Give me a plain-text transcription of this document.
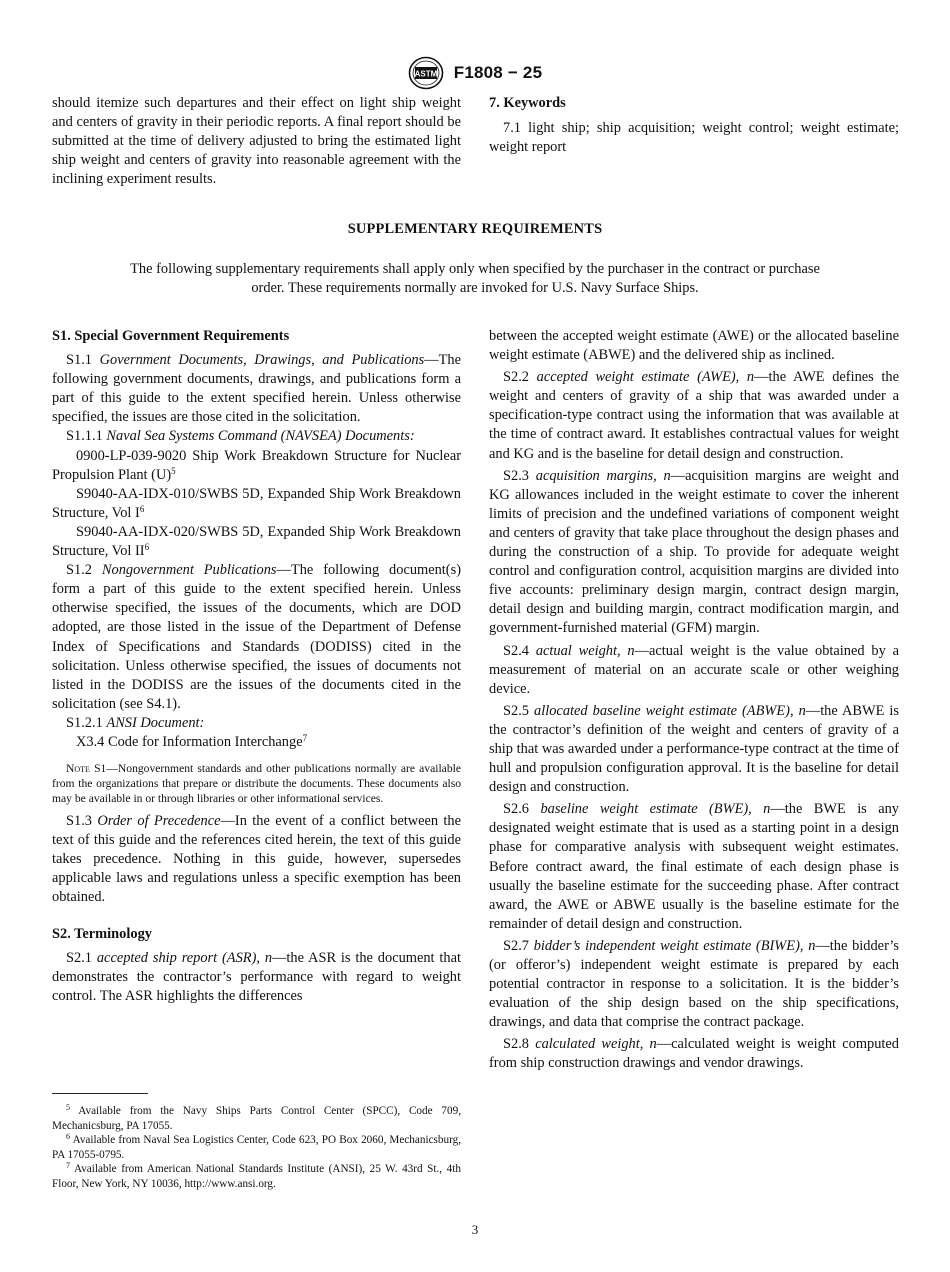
ASTM F1808 − 25

should itemize such departures and their effect on light ship weight and centers of gravity in their periodic reports. A final report should be submitted at the time of delivery adjusted to bring the estimated light ship weight and centers of gravity into reasonable agreement with the inclining experiment results.

7. Keywords

7.1 light ship; ship acquisition; weight control; weight estimate; weight report

SUPPLEMENTARY REQUIREMENTS
The following supplementary requirements shall apply only when specified by the purchaser in the contract or purchase order. These requirements normally are invoked for U.S. Navy Surface Ships.

S1. Special Government Requirements

S1.1 Government Documents, Drawings, and Publications—The following government documents, drawings, and publications form a part of this guide to the extent specified herein. Unless otherwise specified, the issues are those cited in the solicitation.

S1.1.1 Naval Sea Systems Command (NAVSEA) Documents:

0900-LP-039-9020 Ship Work Breakdown Structure for Nuclear Propulsion Plant $(U)^5$

S9040-AA-IDX-010/SWBS 5D, Expanded Ship Work Breakdown Structure, Vol $I^6$

S9040-AA-IDX-020/SWBS 5D, Expanded Ship Work Breakdown Structure, Vol $II^6$

S1.2 Nongovernment Publications—The following document(s) form a part of this guide to the extent specified herein. Unless otherwise specified, the issues of the documents, which are DOD adopted, are those listed in the issue of the Department of Defense Index of Specifications and Standards (DODISS) cited in the solicitation. Unless otherwise specified, the issues of documents not listed in the DODISS are the issues of the documents cited in the solicitation (see S4.1).

S1.2.1 ANSI Document:

X3.4 Code for Information Interchange$^7$

Note S1—Nongovernment standards and other publications normally are available from the organizations that prepare or distribute the documents. These documents also may be available in or through libraries or other informational services.

S1.3 Order of Precedence—In the event of a conflict between the text of this guide and the references cited herein, the text of this guide takes precedence. Nothing in this guide, however, supersedes applicable laws and regulations unless a specific exemption has been obtained.

S2. Terminology

S2.1 accepted ship report (ASR), n—the ASR is the document that demonstrates the contractor’s performance with regard to weight control. The ASR highlights the differences

$^5$ Available from the Navy Ships Parts Control Center (SPCC), Code 709, Mechanicsburg, PA 17055.

$^6$ Available from Naval Sea Logistics Center, Code 623, PO Box 2060, Mechanicsburg, PA 17055-0795.

$^7$ Available from American National Standards Institute (ANSI), 25 W. 43rd St., 4th Floor, New York, NY 10036, http://www.ansi.org.

between the accepted weight estimate (AWE) or the allocated baseline weight estimate (ABWE) and the delivered ship as inclined.

S2.2 accepted weight estimate (AWE), n—the AWE defines the weight and centers of gravity of a ship that was awarded under a specification-type contract using the information that was available at the time of contract award. It establishes contractual values for weight and KG and is the baseline for detail design and construction.

S2.3 acquisition margins, n—acquisition margins are weight and KG allowances included in the weight estimate to cover the inherent limits of precision and the undefined variations of component weight and centers of gravity that take place throughout the design phases and during the construction of a ship. To provide for adequate weight control and configuration control, acquisition margins are divided into five accounts: preliminary design margin, contract design margin, detail design and building margin, contract modification margin, and government-furnished material (GFM) margin.

S2.4 actual weight, n—actual weight is the value obtained by a measurement of material on an accurate scale or other weighing device.

S2.5 allocated baseline weight estimate (ABWE), n—the ABWE is the contractor’s definition of the weight and centers of gravity of a ship that was awarded under a performance-type contract at the time of hull and propulsion configuration approval. It is the baseline for detail design and construction.

S2.6 baseline weight estimate (BWE), n—the BWE is any designated weight estimate that is used as a starting point in a design phase for comparative analysis with subsequent weight estimates. Before contract award, the final estimate of each design phase is usually the baseline estimate for the succeeding phase. After contract award, the AWE or ABWE usually is the baseline estimate for the remainder of detail design and construction.

S2.7 bidder’s independent weight estimate (BIWE), n—the bidder’s (or offeror’s) independent weight estimate is prepared by each potential contractor in response to a solicitation. It is the bidder’s evaluation of the ship design based on the ship specifications, drawings, and data that comprise the contract package.

S2.8 calculated weight, n—calculated weight is weight computed from ship construction drawings and vendor drawings.

3
